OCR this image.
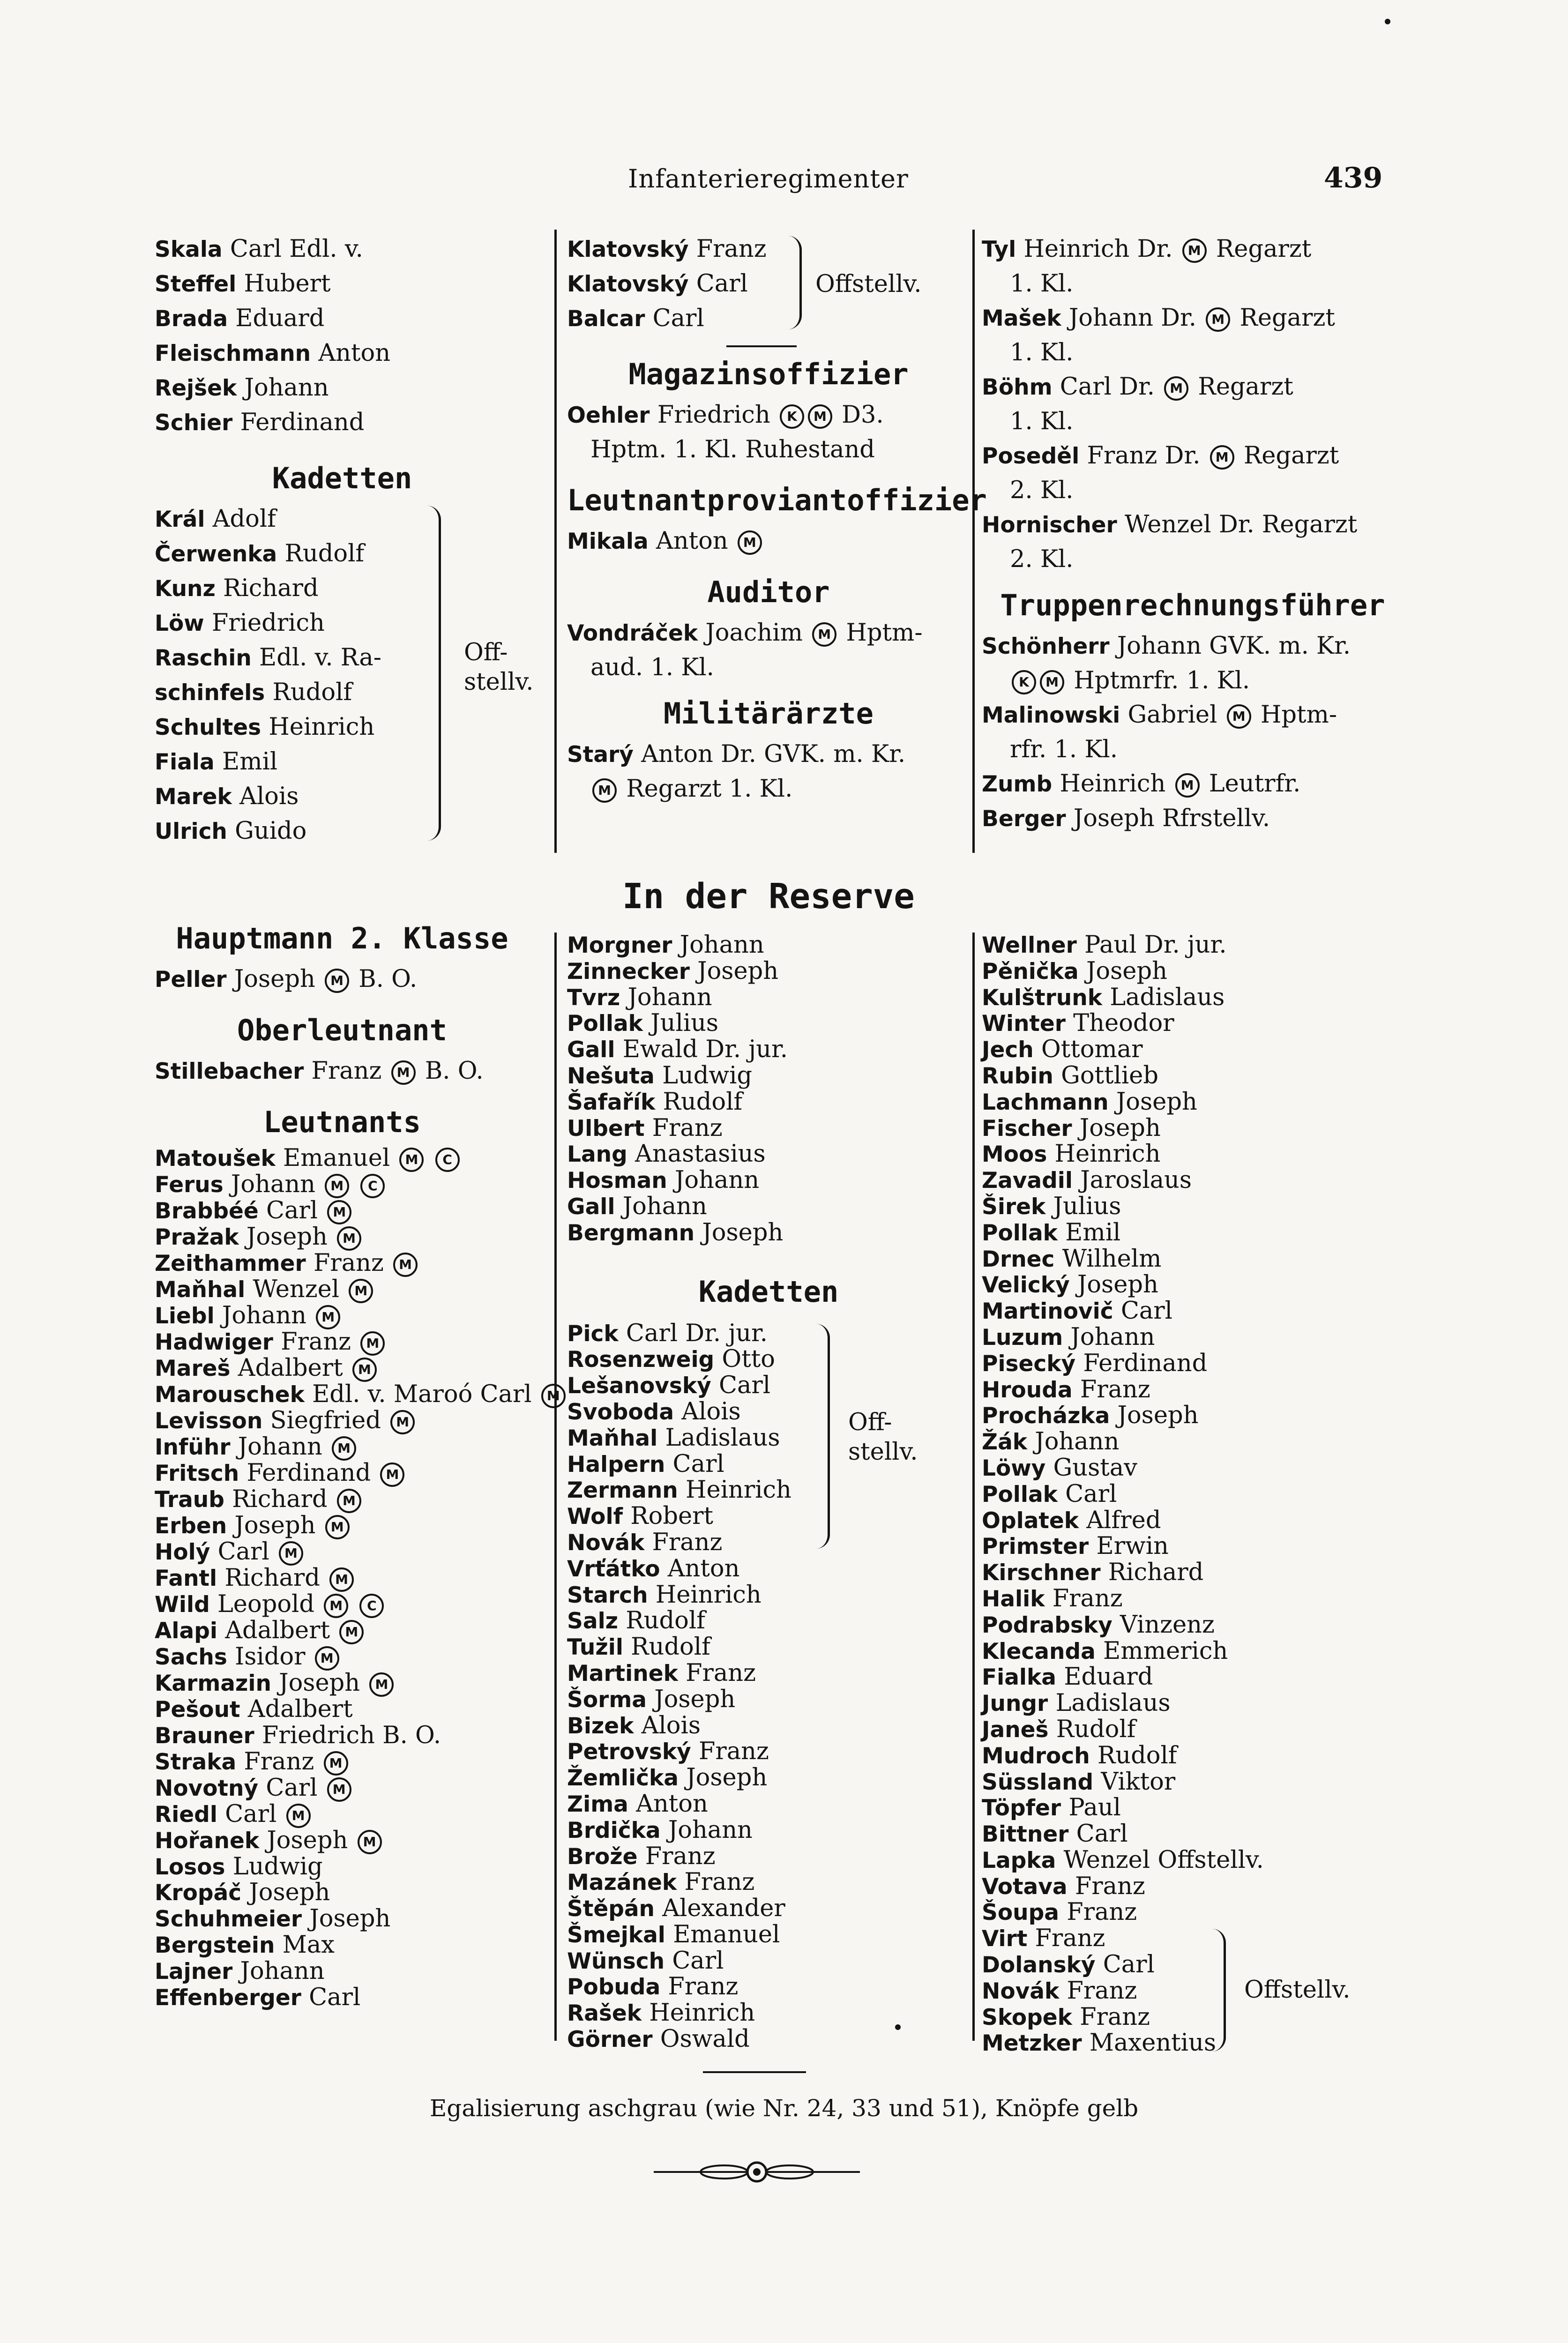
Infanterieregimenter	439
Skala Carl Edl. v.
Steffel Hubert
Brada Eduard
Fleischmann Anton
Rejšek Johann
Schier Ferdinand
Kadetten
Král Adolf
Čerwenka Rudolf
Kunz Richard
Löw Friedrich
Raschin Edl. v. Ra-
schinfels Rudolf
Schultes Heinrich
Fiala Emil
Marek Alois
Ulrich Guido
Off-
stellv.
Hauptmann 2. Klasse
Peller Joseph M B. O.
Oberleutnant
Stillebacher Franz M B. O.
Leutnants
Matoušek Emanuel M C
Ferus Johann M C
Brabbéé Carl M
Pražak Joseph M
Zeithammer Franz M
Maňhal Wenzel M
Liebl Johann M
Hadwiger Franz M
Mareš Adalbert M
Marouschek Edl. v. Maroó Carl M
Levisson Siegfried M
Inführ Johann M
Fritsch Ferdinand M
Traub Richard M
Erben Joseph M
Holý Carl M
Fantl Richard M
Wild Leopold M C
Alapi Adalbert M
Sachs Isidor M
Karmazin Joseph M
Pešout Adalbert
Brauner Friedrich B. O.
Straka Franz M
Novotný Carl M
Riedl Carl M
Hořanek Joseph M
Losos Ludwig
Kropáč Joseph
Schuhmeier Joseph
Bergstein Max
Lajner Johann
Effenberger Carl
Klatovský Franz
Klatovský Carl
Balcar Carl
Offstellv.
Magazinsoffizier
Oehler Friedrich K M D3.
Hptm. 1. Kl. Ruhestand
Leutnantproviantoffizier
Mikala Anton M
Auditor
Vondráček Joachim M Hptm-
aud. 1. Kl.
Militärärzte
Starý Anton Dr. GVK. m. Kr.
M Regarzt 1. Kl.
Tyl Heinrich Dr. M Regarzt
1. Kl.
Mašek Johann Dr. M Regarzt
1. Kl.
Böhm Carl Dr. M Regarzt
1. Kl.
Poseděl Franz Dr. M Regarzt
2. Kl.
Hornischer Wenzel Dr. Regarzt
2. Kl.
Truppenrechnungsführer
Schönherr Johann GVK. m. Kr.
K M Hptmrfr. 1. Kl.
Malinowski Gabriel M Hptm-
rfr. 1. Kl.
Zumb Heinrich M Leutrfr.
Berger Joseph Rfrstellv.
In der Reserve
Morgner Johann
Zinnecker Joseph
Tvrz Johann
Pollak Julius
Gall Ewald Dr. jur.
Nešuta Ludwig
Šafařík Rudolf
Ulbert Franz
Lang Anastasius
Hosman Johann
Gall Johann
Bergmann Joseph
Kadetten
Pick Carl Dr. jur.
Rosenzweig Otto
Lešanovský Carl
Svoboda Alois
Maňhal Ladislaus
Halpern Carl
Zermann Heinrich
Wolf Robert
Novák Franz
Vrťátko Anton
Starch Heinrich
Salz Rudolf
Tužil Rudolf
Martinek Franz
Šorma Joseph
Bizek Alois
Petrovský Franz
Žemlička Joseph
Zima Anton
Brdička Johann
Brože Franz
Mazánek Franz
Štěpán Alexander
Šmejkal Emanuel
Wünsch Carl
Pobuda Franz
Rašek Heinrich
Görner Oswald
Off-
stellv.
Wellner Paul Dr. jur.
Pěnička Joseph
Kulštrunk Ladislaus
Winter Theodor
Jech Ottomar
Rubin Gottlieb
Lachmann Joseph
Fischer Joseph
Moos Heinrich
Zavadil Jaroslaus
Širek Julius
Pollak Emil
Drnec Wilhelm
Velický Joseph
Martinovič Carl
Luzum Johann
Pisecký Ferdinand
Hrouda Franz
Procházka Joseph
Žák Johann
Löwy Gustav
Pollak Carl
Oplatek Alfred
Primster Erwin
Kirschner Richard
Halik Franz
Podrabsky Vinzenz
Klecanda Emmerich
Fialka Eduard
Jungr Ladislaus
Janeš Rudolf
Mudroch Rudolf
Süssland Viktor
Töpfer Paul
Bittner Carl
Lapka Wenzel Offstellv.
Votava Franz
Šoupa Franz
Virt Franz
Dolanský Carl
Novák Franz
Skopek Franz
Metzker Maxentius
Offstellv.
Egalisierung aschgrau (wie Nr. 24, 33 und 51), Knöpfe gelb
